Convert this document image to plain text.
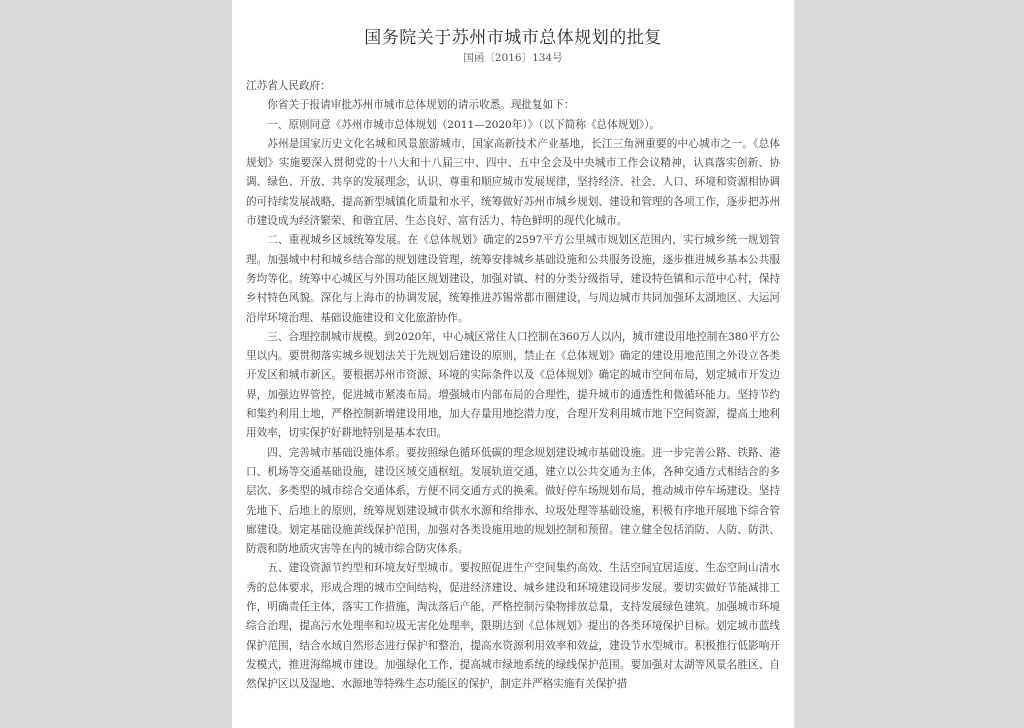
国务院关于苏州市城市总体规划的批复
国函〔2016〕134号

江苏省人民政府：

你省关于报请审批苏州市城市总体规划的请示收悉。现批复如下：

一、原则同意《苏州市城市总体规划（2011—2020年）》（以下简称《总体规划》）。

苏州是国家历史文化名城和风景旅游城市，国家高新技术产业基地，长江三角洲重要的中心城市之一。《总体规划》实施要深入贯彻党的十八大和十八届三中、四中、五中全会及中央城市工作会议精神，认真落实创新、协调、绿色、开放、共享的发展理念，认识、尊重和顺应城市发展规律，坚持经济、社会、人口、环境和资源相协调的可持续发展战略，提高新型城镇化质量和水平，统筹做好苏州市城乡规划、建设和管理的各项工作，逐步把苏州市建设成为经济繁荣、和谐宜居、生态良好、富有活力、特色鲜明的现代化城市。

二、重视城乡区域统筹发展。在《总体规划》确定的2597平方公里城市规划区范围内，实行城乡统一规划管理。加强城中村和城乡结合部的规划建设管理，统筹安排城乡基础设施和公共服务设施，逐步推进城乡基本公共服务均等化。统筹中心城区与外围功能区规划建设，加强对镇、村的分类分级指导，建设特色镇和示范中心村，保持乡村特色风貌。深化与上海市的协调发展，统筹推进苏锡常都市圈建设，与周边城市共同加强环太湖地区、大运河沿岸环境治理、基础设施建设和文化旅游协作。

三、合理控制城市规模。到2020年，中心城区常住人口控制在360万人以内，城市建设用地控制在380平方公里以内。要贯彻落实城乡规划法关于先规划后建设的原则，禁止在《总体规划》确定的建设用地范围之外设立各类开发区和城市新区。要根据苏州市资源、环境的实际条件以及《总体规划》确定的城市空间布局，划定城市开发边界，加强边界管控，促进城市紧凑布局。增强城市内部布局的合理性，提升城市的通透性和微循环能力。坚持节约和集约利用土地，严格控制新增建设用地，加大存量用地挖潜力度，合理开发利用城市地下空间资源，提高土地利用效率，切实保护好耕地特别是基本农田。

四、完善城市基础设施体系。要按照绿色循环低碳的理念规划建设城市基础设施。进一步完善公路、铁路、港口、机场等交通基础设施，建设区域交通枢纽。发展轨道交通，建立以公共交通为主体，各种交通方式相结合的多层次、多类型的城市综合交通体系，方便不同交通方式的换乘。做好停车场规划布局，推动城市停车场建设。坚持先地下、后地上的原则，统筹规划建设城市供水水源和给排水、垃圾处理等基础设施，积极有序地开展地下综合管廊建设。划定基础设施黄线保护范围，加强对各类设施用地的规划控制和预留。建立健全包括消防、人防、防洪、防震和防地质灾害等在内的城市综合防灾体系。

五、建设资源节约型和环境友好型城市。要按照促进生产空间集约高效、生活空间宜居适度、生态空间山清水秀的总体要求，形成合理的城市空间结构，促进经济建设、城乡建设和环境建设同步发展。要切实做好节能减排工作，明确责任主体，落实工作措施，淘汰落后产能，严格控制污染物排放总量，支持发展绿色建筑。加强城市环境综合治理，提高污水处理率和垃圾无害化处理率，限期达到《总体规划》提出的各类环境保护目标。划定城市蓝线保护范围，结合水域自然形态进行保护和整治，提高水资源利用效率和效益，建设节水型城市。积极推行低影响开发模式，推进海绵城市建设。加强绿化工作，提高城市绿地系统的绿线保护范围。要加强对太湖等风景名胜区、自然保护区以及湿地、水源地等特殊生态功能区的保护，制定并严格实施有关保护措
